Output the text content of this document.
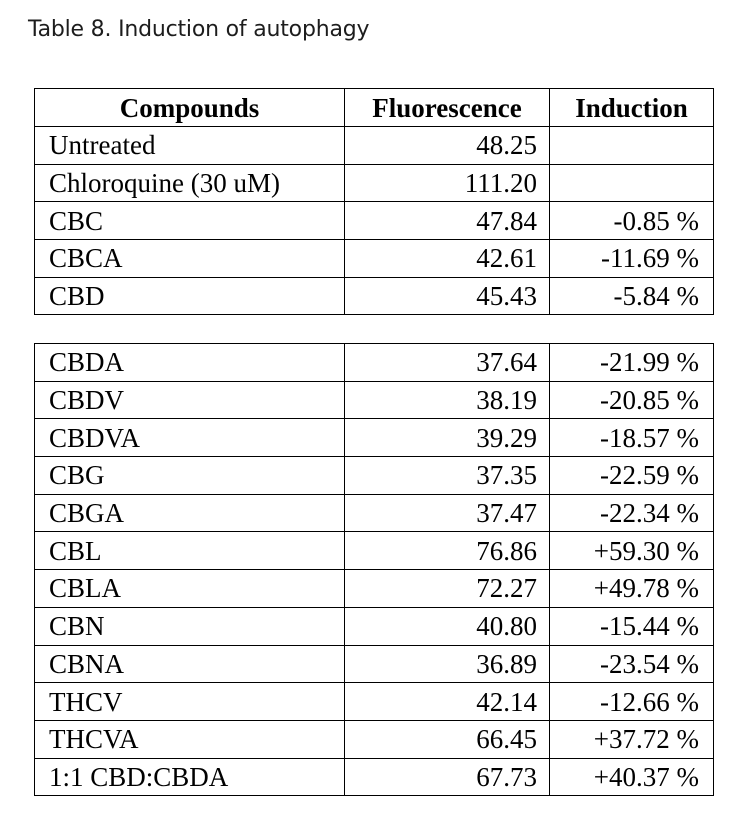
Table 8. Induction of autophagy
Compounds	Fluorescence	Induction
Untreated	48.25	
Chloroquine (30 uM)	111.20	
CBC	47.84	-0.85 %
CBCA	42.61	-11.69 %
CBD	45.43	-5.84 %
CBDA	37.64	-21.99 %
CBDV	38.19	-20.85 %
CBDVA	39.29	-18.57 %
CBG	37.35	-22.59 %
CBGA	37.47	-22.34 %
CBL	76.86	+59.30 %
CBLA	72.27	+49.78 %
CBN	40.80	-15.44 %
CBNA	36.89	-23.54 %
THCV	42.14	-12.66 %
THCVA	66.45	+37.72 %
1:1 CBD:CBDA	67.73	+40.37 %
